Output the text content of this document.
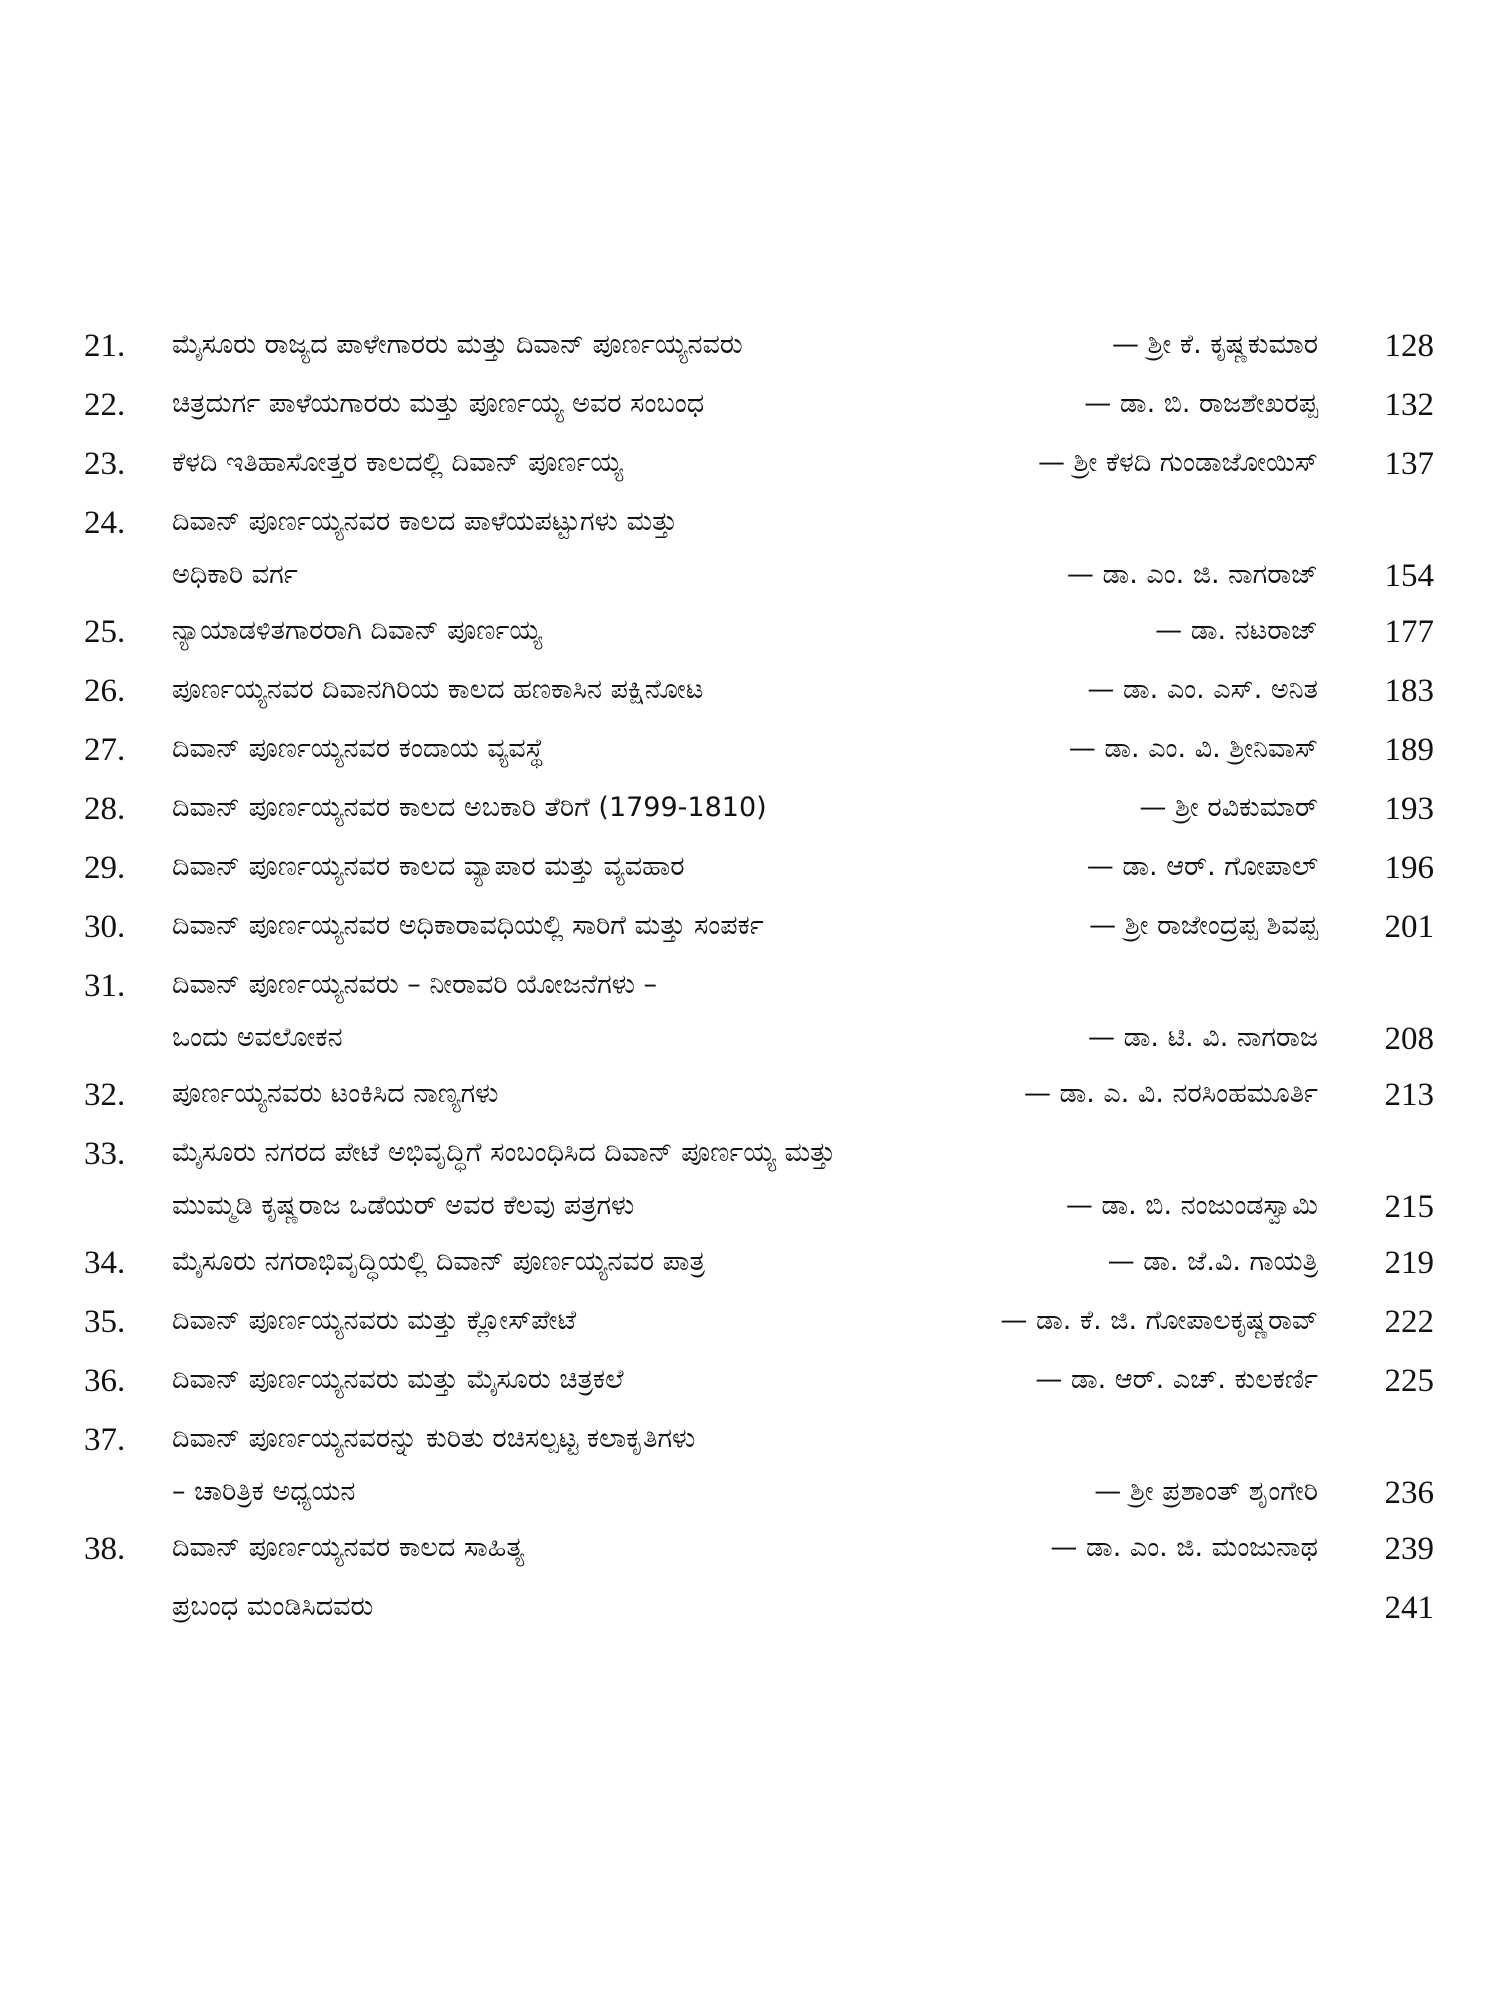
21. ಮೈಸೂರು ರಾಜ್ಯದ ಪಾಳೇಗಾರರು ಮತ್ತು ದಿವಾನ್ ಪೂರ್ಣಯ್ಯನವರು	— ಶ್ರೀ ಕೆ. ಕೃಷ್ಣಕುಮಾರ 128
22. ಚಿತ್ರದುರ್ಗ ಪಾಳೆಯಗಾರರು ಮತ್ತು ಪೂರ್ಣಯ್ಯ ಅವರ ಸಂಬಂಧ	— ಡಾ. ಬಿ. ರಾಜಶೇಖರಪ್ಪ 132
23. ಕೆಳದಿ ಇತಿಹಾಸೋತ್ತರ ಕಾಲದಲ್ಲಿ ದಿವಾನ್ ಪೂರ್ಣಯ್ಯ	— ಶ್ರೀ ಕೆಳದಿ ಗುಂಡಾಜೋಯಿಸ್ 137
24. ದಿವಾನ್ ಪೂರ್ಣಯ್ಯನವರ ಕಾಲದ ಪಾಳೆಯಪಟ್ಟುಗಳು ಮತ್ತು
ಅಧಿಕಾರಿ ವರ್ಗ	— ಡಾ. ಎಂ. ಜಿ. ನಾಗರಾಜ್ 154
25. ನ್ಯಾಯಾಡಳಿತಗಾರರಾಗಿ ದಿವಾನ್ ಪೂರ್ಣಯ್ಯ	— ಡಾ. ನಟರಾಜ್ 177
26. ಪೂರ್ಣಯ್ಯನವರ ದಿವಾನಗಿರಿಯ ಕಾಲದ ಹಣಕಾಸಿನ ಪಕ್ಷಿನೋಟ	— ಡಾ. ಎಂ. ಎಸ್. ಅನಿತ 183
27. ದಿವಾನ್ ಪೂರ್ಣಯ್ಯನವರ ಕಂದಾಯ ವ್ಯವಸ್ಥೆ	— ಡಾ. ಎಂ. ವಿ. ಶ್ರೀನಿವಾಸ್ 189
28. ದಿವಾನ್ ಪೂರ್ಣಯ್ಯನವರ ಕಾಲದ ಅಬಕಾರಿ ತೆರಿಗೆ (1799-1810)	— ಶ್ರೀ ರವಿಕುಮಾರ್ 193
29. ದಿವಾನ್ ಪೂರ್ಣಯ್ಯನವರ ಕಾಲದ ವ್ಯಾಪಾರ ಮತ್ತು ವ್ಯವಹಾರ	— ಡಾ. ಆರ್. ಗೋಪಾಲ್ 196
30. ದಿವಾನ್ ಪೂರ್ಣಯ್ಯನವರ ಅಧಿಕಾರಾವಧಿಯಲ್ಲಿ ಸಾರಿಗೆ ಮತ್ತು ಸಂಪರ್ಕ	— ಶ್ರೀ ರಾಜೇಂದ್ರಪ್ಪ ಶಿವಪ್ಪ 201
31. ದಿವಾನ್ ಪೂರ್ಣಯ್ಯನವರು – ನೀರಾವರಿ ಯೋಜನೆಗಳು –
ಒಂದು ಅವಲೋಕನ	— ಡಾ. ಟಿ. ವಿ. ನಾಗರಾಜ 208
32. ಪೂರ್ಣಯ್ಯನವರು ಟಂಕಿಸಿದ ನಾಣ್ಯಗಳು	— ಡಾ. ಎ. ವಿ. ನರಸಿಂಹಮೂರ್ತಿ 213
33. ಮೈಸೂರು ನಗರದ ಪೇಟೆ ಅಭಿವೃದ್ಧಿಗೆ ಸಂಬಂಧಿಸಿದ ದಿವಾನ್ ಪೂರ್ಣಯ್ಯ ಮತ್ತು
ಮುಮ್ಮಡಿ ಕೃಷ್ಣರಾಜ ಒಡೆಯರ್ ಅವರ ಕೆಲವು ಪತ್ರಗಳು	— ಡಾ. ಬಿ. ನಂಜುಂಡಸ್ವಾಮಿ 215
34. ಮೈಸೂರು ನಗರಾಭಿವೃದ್ಧಿಯಲ್ಲಿ ದಿವಾನ್ ಪೂರ್ಣಯ್ಯನವರ ಪಾತ್ರ	— ಡಾ. ಜೆ.ವಿ. ಗಾಯತ್ರಿ 219
35. ದಿವಾನ್ ಪೂರ್ಣಯ್ಯನವರು ಮತ್ತು ಕ್ಲೋಸ್‌ಪೇಟೆ	— ಡಾ. ಕೆ. ಜಿ. ಗೋಪಾಲಕೃಷ್ಣರಾವ್ 222
36. ದಿವಾನ್ ಪೂರ್ಣಯ್ಯನವರು ಮತ್ತು ಮೈಸೂರು ಚಿತ್ರಕಲೆ	— ಡಾ. ಆರ್. ಎಚ್. ಕುಲಕರ್ಣಿ 225
37. ದಿವಾನ್ ಪೂರ್ಣಯ್ಯನವರನ್ನು ಕುರಿತು ರಚಿಸಲ್ಪಟ್ಟ ಕಲಾಕೃತಿಗಳು
– ಚಾರಿತ್ರಿಕ ಅಧ್ಯಯನ	— ಶ್ರೀ ಪ್ರಶಾಂತ್ ಶೃಂಗೇರಿ 236
38. ದಿವಾನ್ ಪೂರ್ಣಯ್ಯನವರ ಕಾಲದ ಸಾಹಿತ್ಯ	— ಡಾ. ಎಂ. ಜಿ. ಮಂಜುನಾಥ 239
ಪ್ರಬಂಧ ಮಂಡಿಸಿದವರು	241
